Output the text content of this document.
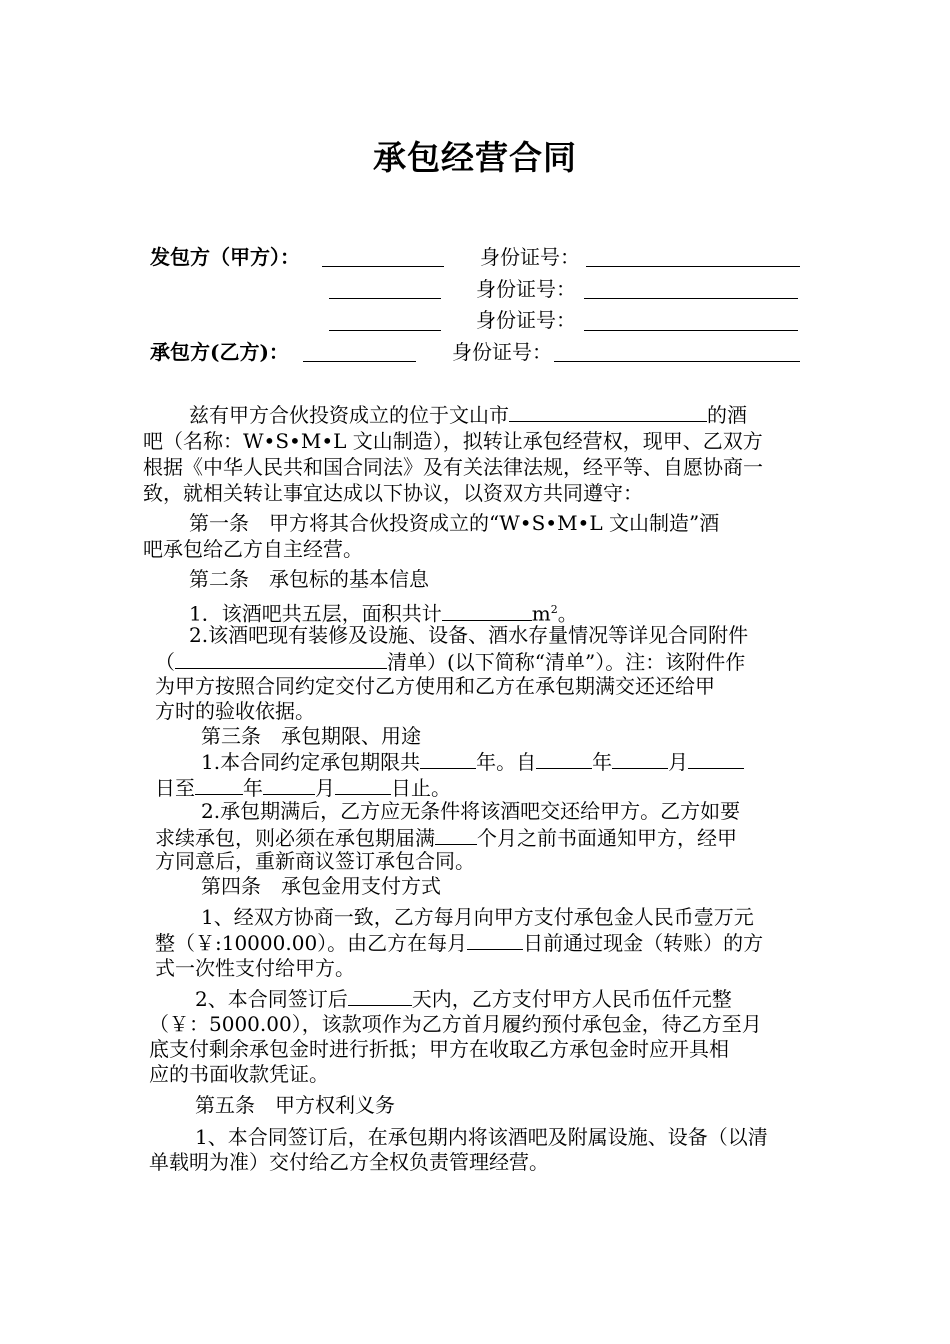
承包经营合同
发包方（甲方）：	身份证号：
身份证号：
身份证号：
承包方(乙方)：	身份证号：
兹有甲方合伙投资成立的位于文山市	的酒
吧（名称：W•S•M•L 文山制造），拟转让承包经营权，现甲、乙双方
根据《中华人民共和国合同法》及有关法律法规，经平等、自愿协商一
致，就相关转让事宜达成以下协议，以资双方共同遵守：
第一条　甲方将其合伙投资成立的“W•S•M•L 文山制造”酒
吧承包给乙方自主经营。
第二条　承包标的基本信息
1．该酒吧共五层，面积共计	$m^2$。
2.该酒吧现有装修及设施、设备、酒水存量情况等详见合同附件
（	清单）(以下简称“清单”）。注：该附件作
为甲方按照合同约定交付乙方使用和乙方在承包期满交还还给甲
方时的验收依据。
第三条　承包期限、用途
1.本合同约定承包期限共	年。自	年	月
日至 年	月	日止。
2.承包期满后，乙方应无条件将该酒吧交还给甲方。乙方如要
求续承包，则必须在承包期届满 个月之前书面通知甲方，经甲
方同意后，重新商议签订承包合同。
第四条　承包金用支付方式
1、经双方协商一致，乙方每月向甲方支付承包金人民币壹万元
整（￥:10000.00）。由乙方在每月	日前通过现金（转账）的方
式一次性支付给甲方。
2、本合同签订后	天内，乙方支付甲方人民币伍仟元整
（￥：5000.00），该款项作为乙方首月履约预付承包金，待乙方至月
底支付剩余承包金时进行折抵；甲方在收取乙方承包金时应开具相
应的书面收款凭证。
第五条　甲方权利义务
1、本合同签订后，在承包期内将该酒吧及附属设施、设备（以清
单载明为准）交付给乙方全权负责管理经营。
